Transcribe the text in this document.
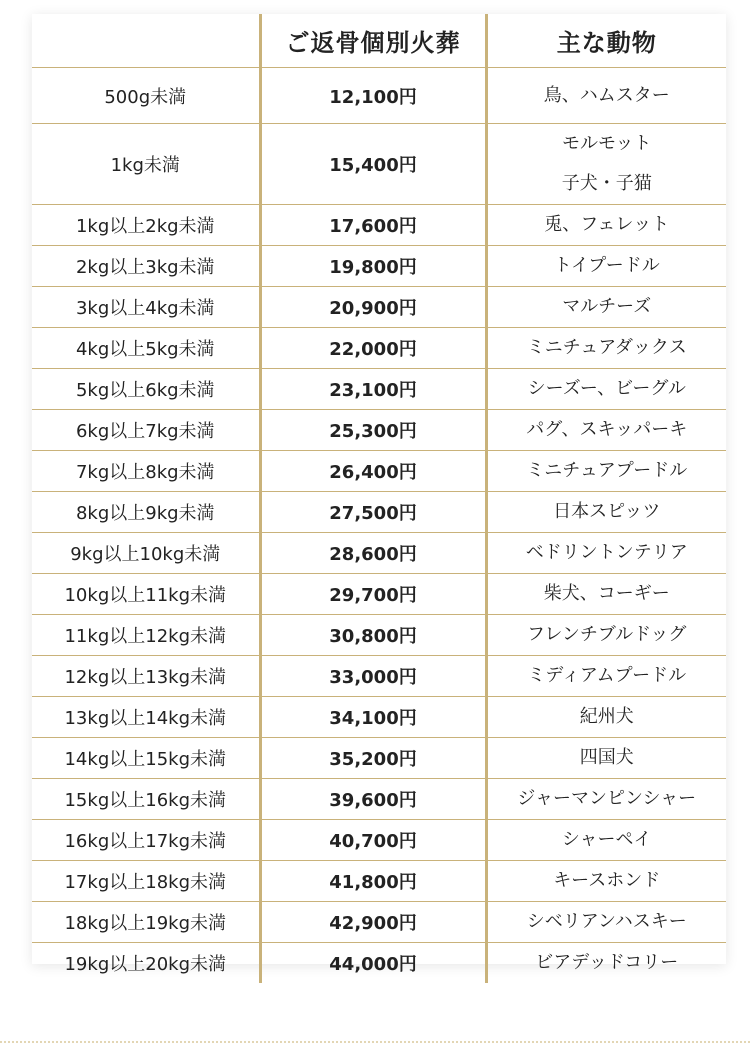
	ご返骨個別火葬	主な動物
500g未満	12,100円	鳥、ハムスター

1kg未満	15,400円	モルモット
子犬・子猫

1kg以上2kg未満	17,600円	兎、フェレット

2kg以上3kg未満	19,800円	トイプードル

3kg以上4kg未満	20,900円	マルチーズ

4kg以上5kg未満	22,000円	ミニチュアダックス

5kg以上6kg未満	23,100円	シーズー、ビーグル

6kg以上7kg未満	25,300円	パグ、スキッパーキ

7kg以上8kg未満	26,400円	ミニチュアプードル

8kg以上9kg未満	27,500円	日本スピッツ

9kg以上10kg未満	28,600円	ベドリントンテリア

10kg以上11kg未満	29,700円	柴犬、コーギー

11kg以上12kg未満	30,800円	フレンチブルドッグ

12kg以上13kg未満	33,000円	ミディアムプードル

13kg以上14kg未満	34,100円	紀州犬

14kg以上15kg未満	35,200円	四国犬

15kg以上16kg未満	39,600円	ジャーマンピンシャー

16kg以上17kg未満	40,700円	シャーペイ

17kg以上18kg未満	41,800円	キースホンド

18kg以上19kg未満	42,900円	シベリアンハスキー

19kg以上20kg未満	44,000円	ビアデッドコリー
